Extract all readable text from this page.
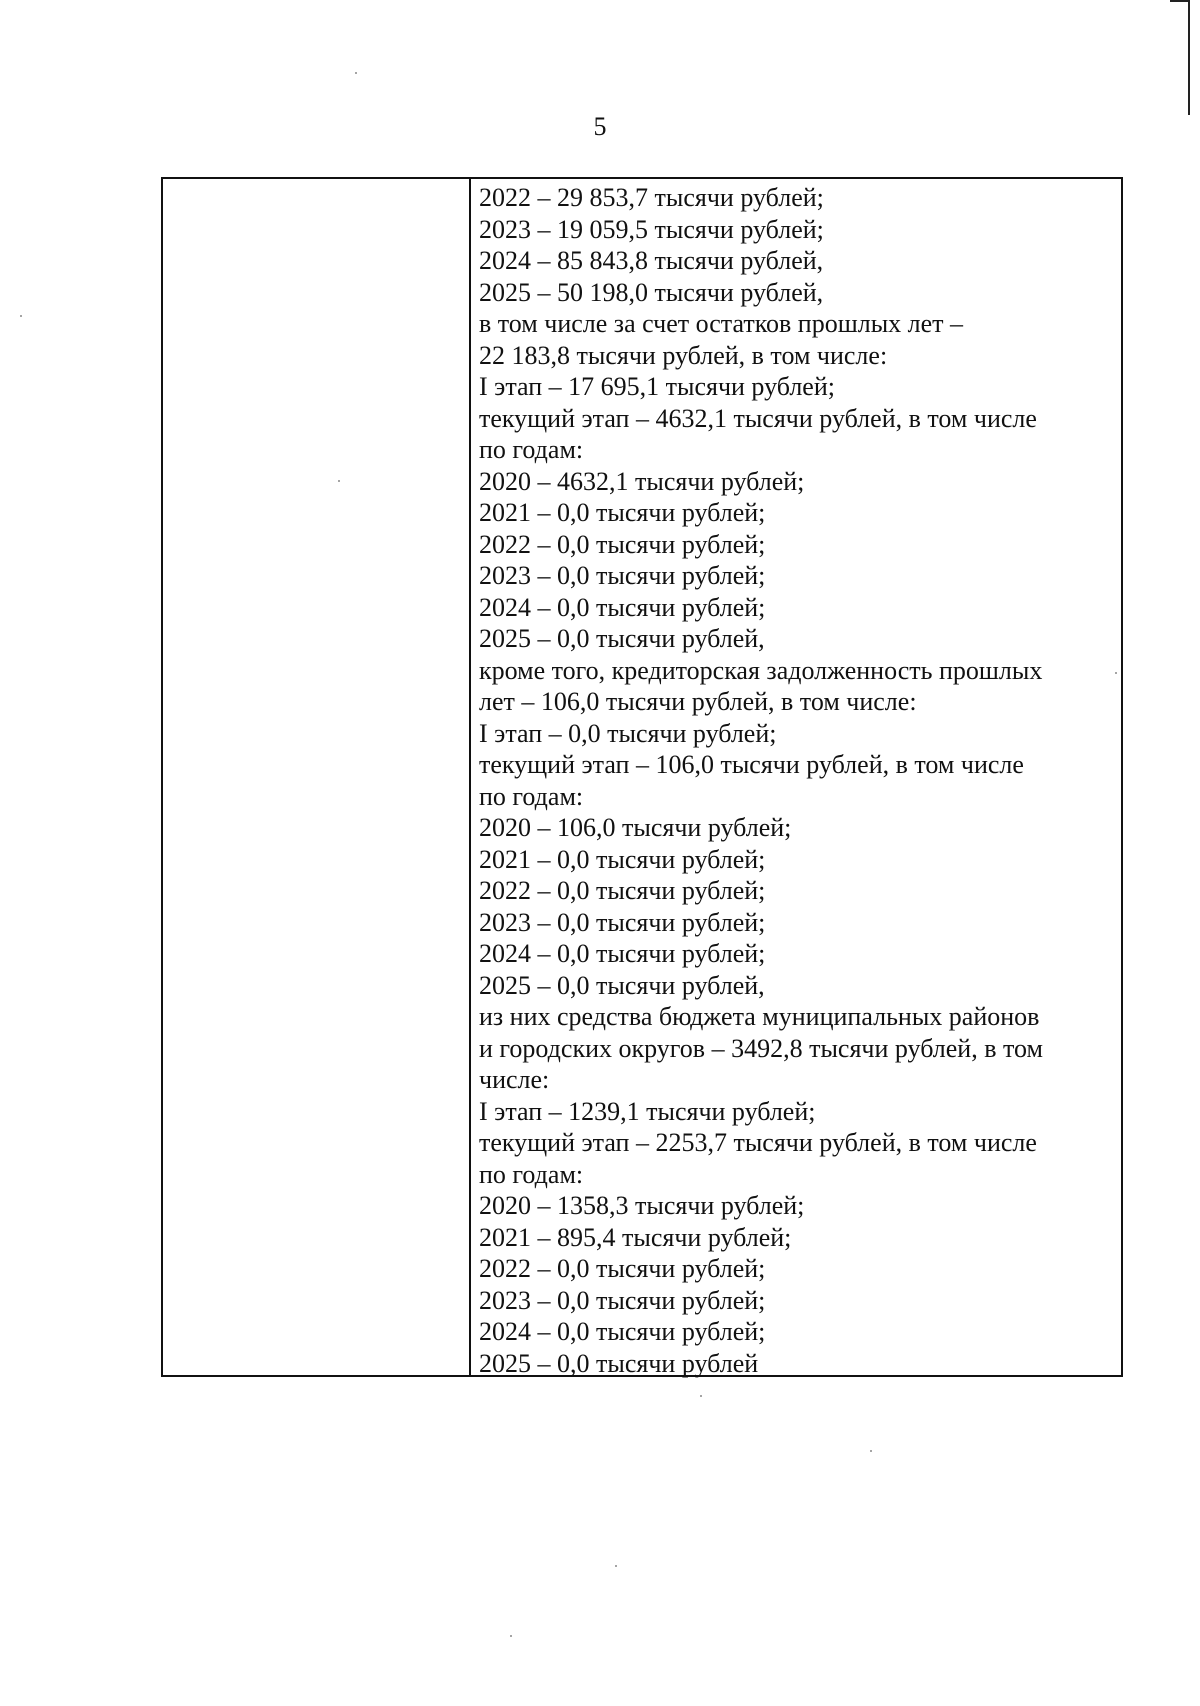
5
2022 – 29 853,7 тысячи рублей;
2023 – 19 059,5 тысячи рублей;
2024 – 85 843,8 тысячи рублей,
2025 – 50 198,0 тысячи рублей,
в том числе за счет остатков прошлых лет –
22 183,8 тысячи рублей, в том числе:
I этап – 17 695,1 тысячи рублей;
текущий этап – 4632,1 тысячи рублей, в том числе
по годам:
2020 – 4632,1 тысячи рублей;
2021 – 0,0 тысячи рублей;
2022 – 0,0 тысячи рублей;
2023 – 0,0 тысячи рублей;
2024 – 0,0 тысячи рублей;
2025 – 0,0 тысячи рублей,
кроме того, кредиторская задолженность прошлых
лет – 106,0 тысячи рублей, в том числе:
I этап – 0,0 тысячи рублей;
текущий этап – 106,0 тысячи рублей, в том числе
по годам:
2020 – 106,0 тысячи рублей;
2021 – 0,0 тысячи рублей;
2022 – 0,0 тысячи рублей;
2023 – 0,0 тысячи рублей;
2024 – 0,0 тысячи рублей;
2025 – 0,0 тысячи рублей,
из них средства бюджета муниципальных районов
и городских округов – 3492,8 тысячи рублей, в том
числе:
I этап – 1239,1 тысячи рублей;
текущий этап – 2253,7 тысячи рублей, в том числе
по годам:
2020 – 1358,3 тысячи рублей;
2021 – 895,4 тысячи рублей;
2022 – 0,0 тысячи рублей;
2023 – 0,0 тысячи рублей;
2024 – 0,0 тысячи рублей;
2025 – 0,0 тысячи рублей
